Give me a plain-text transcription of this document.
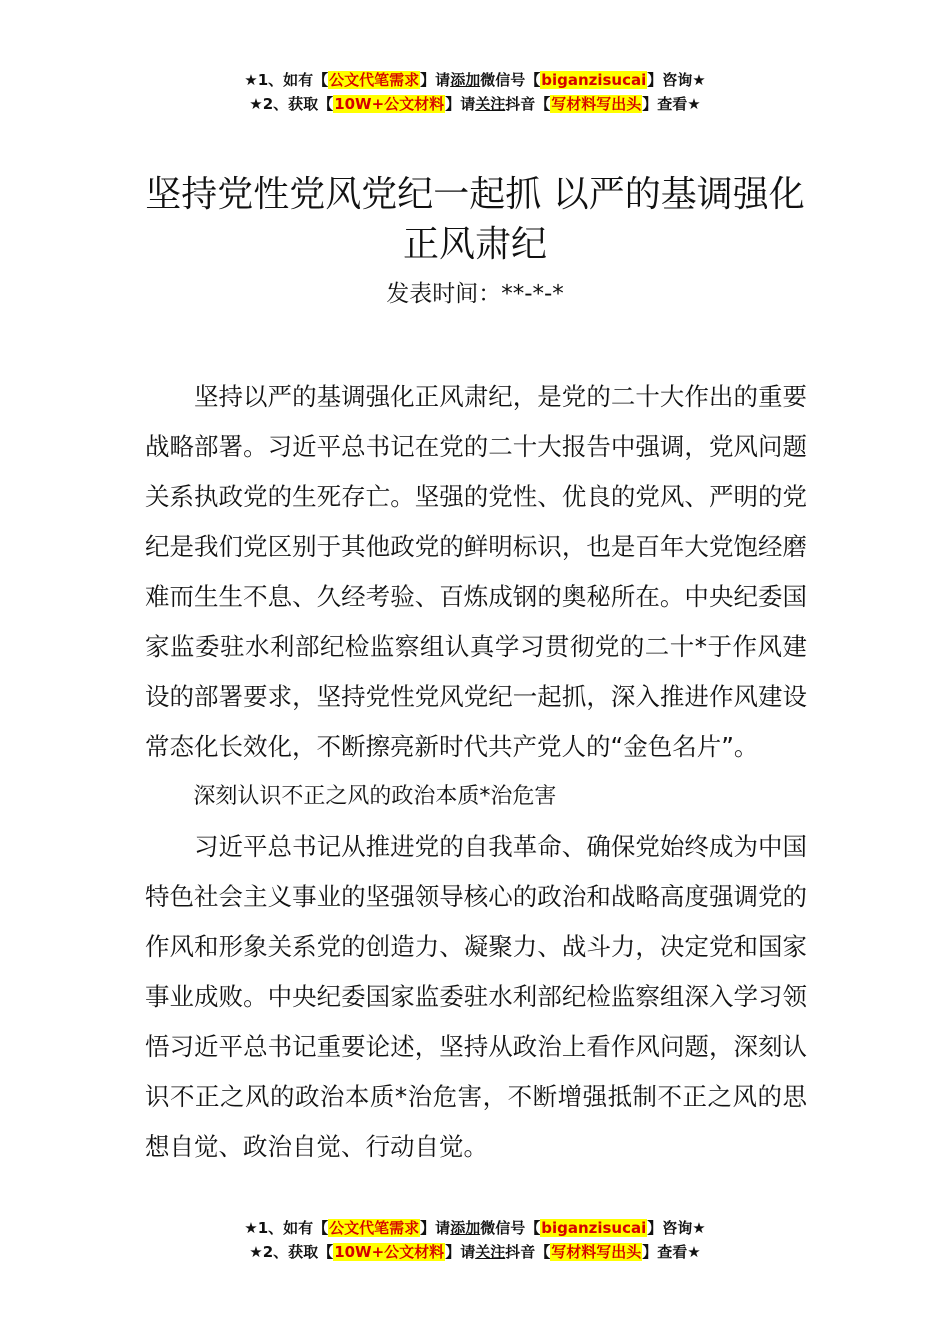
★1、如有【公文代笔需求】请添加微信号【biganzisucai】咨询★
★2、获取【10W+公文材料】请关注抖音【写材料写出头】查看★
坚持党性党风党纪一起抓 以严的基调强化正风肃纪
发表时间：**-*-*

坚持以严的基调强化正风肃纪，是党的二十大作出的重要战略部署。习近平总书记在党的二十大报告中强调，党风问题关系执政党的生死存亡。坚强的党性、优良的党风、严明的党纪是我们党区别于其他政党的鲜明标识，也是百年大党饱经磨难而生生不息、久经考验、百炼成钢的奥秘所在。中央纪委国家监委驻水利部纪检监察组认真学习贯彻党的二十*于作风建设的部署要求，坚持党性党风党纪一起抓，深入推进作风建设常态化长效化，不断擦亮新时代共产党人的“金色名片”。

深刻认识不正之风的政治本质*治危害

习近平总书记从推进党的自我革命、确保党始终成为中国特色社会主义事业的坚强领导核心的政治和战略高度强调党的作风和形象关系党的创造力、凝聚力、战斗力，决定党和国家事业成败。中央纪委国家监委驻水利部纪检监察组深入学习领悟习近平总书记重要论述，坚持从政治上看作风问题，深刻认识不正之风的政治本质*治危害，不断增强抵制不正之风的思想自觉、政治自觉、行动自觉。

★1、如有【公文代笔需求】请添加微信号【biganzisucai】咨询★
★2、获取【10W+公文材料】请关注抖音【写材料写出头】查看★
